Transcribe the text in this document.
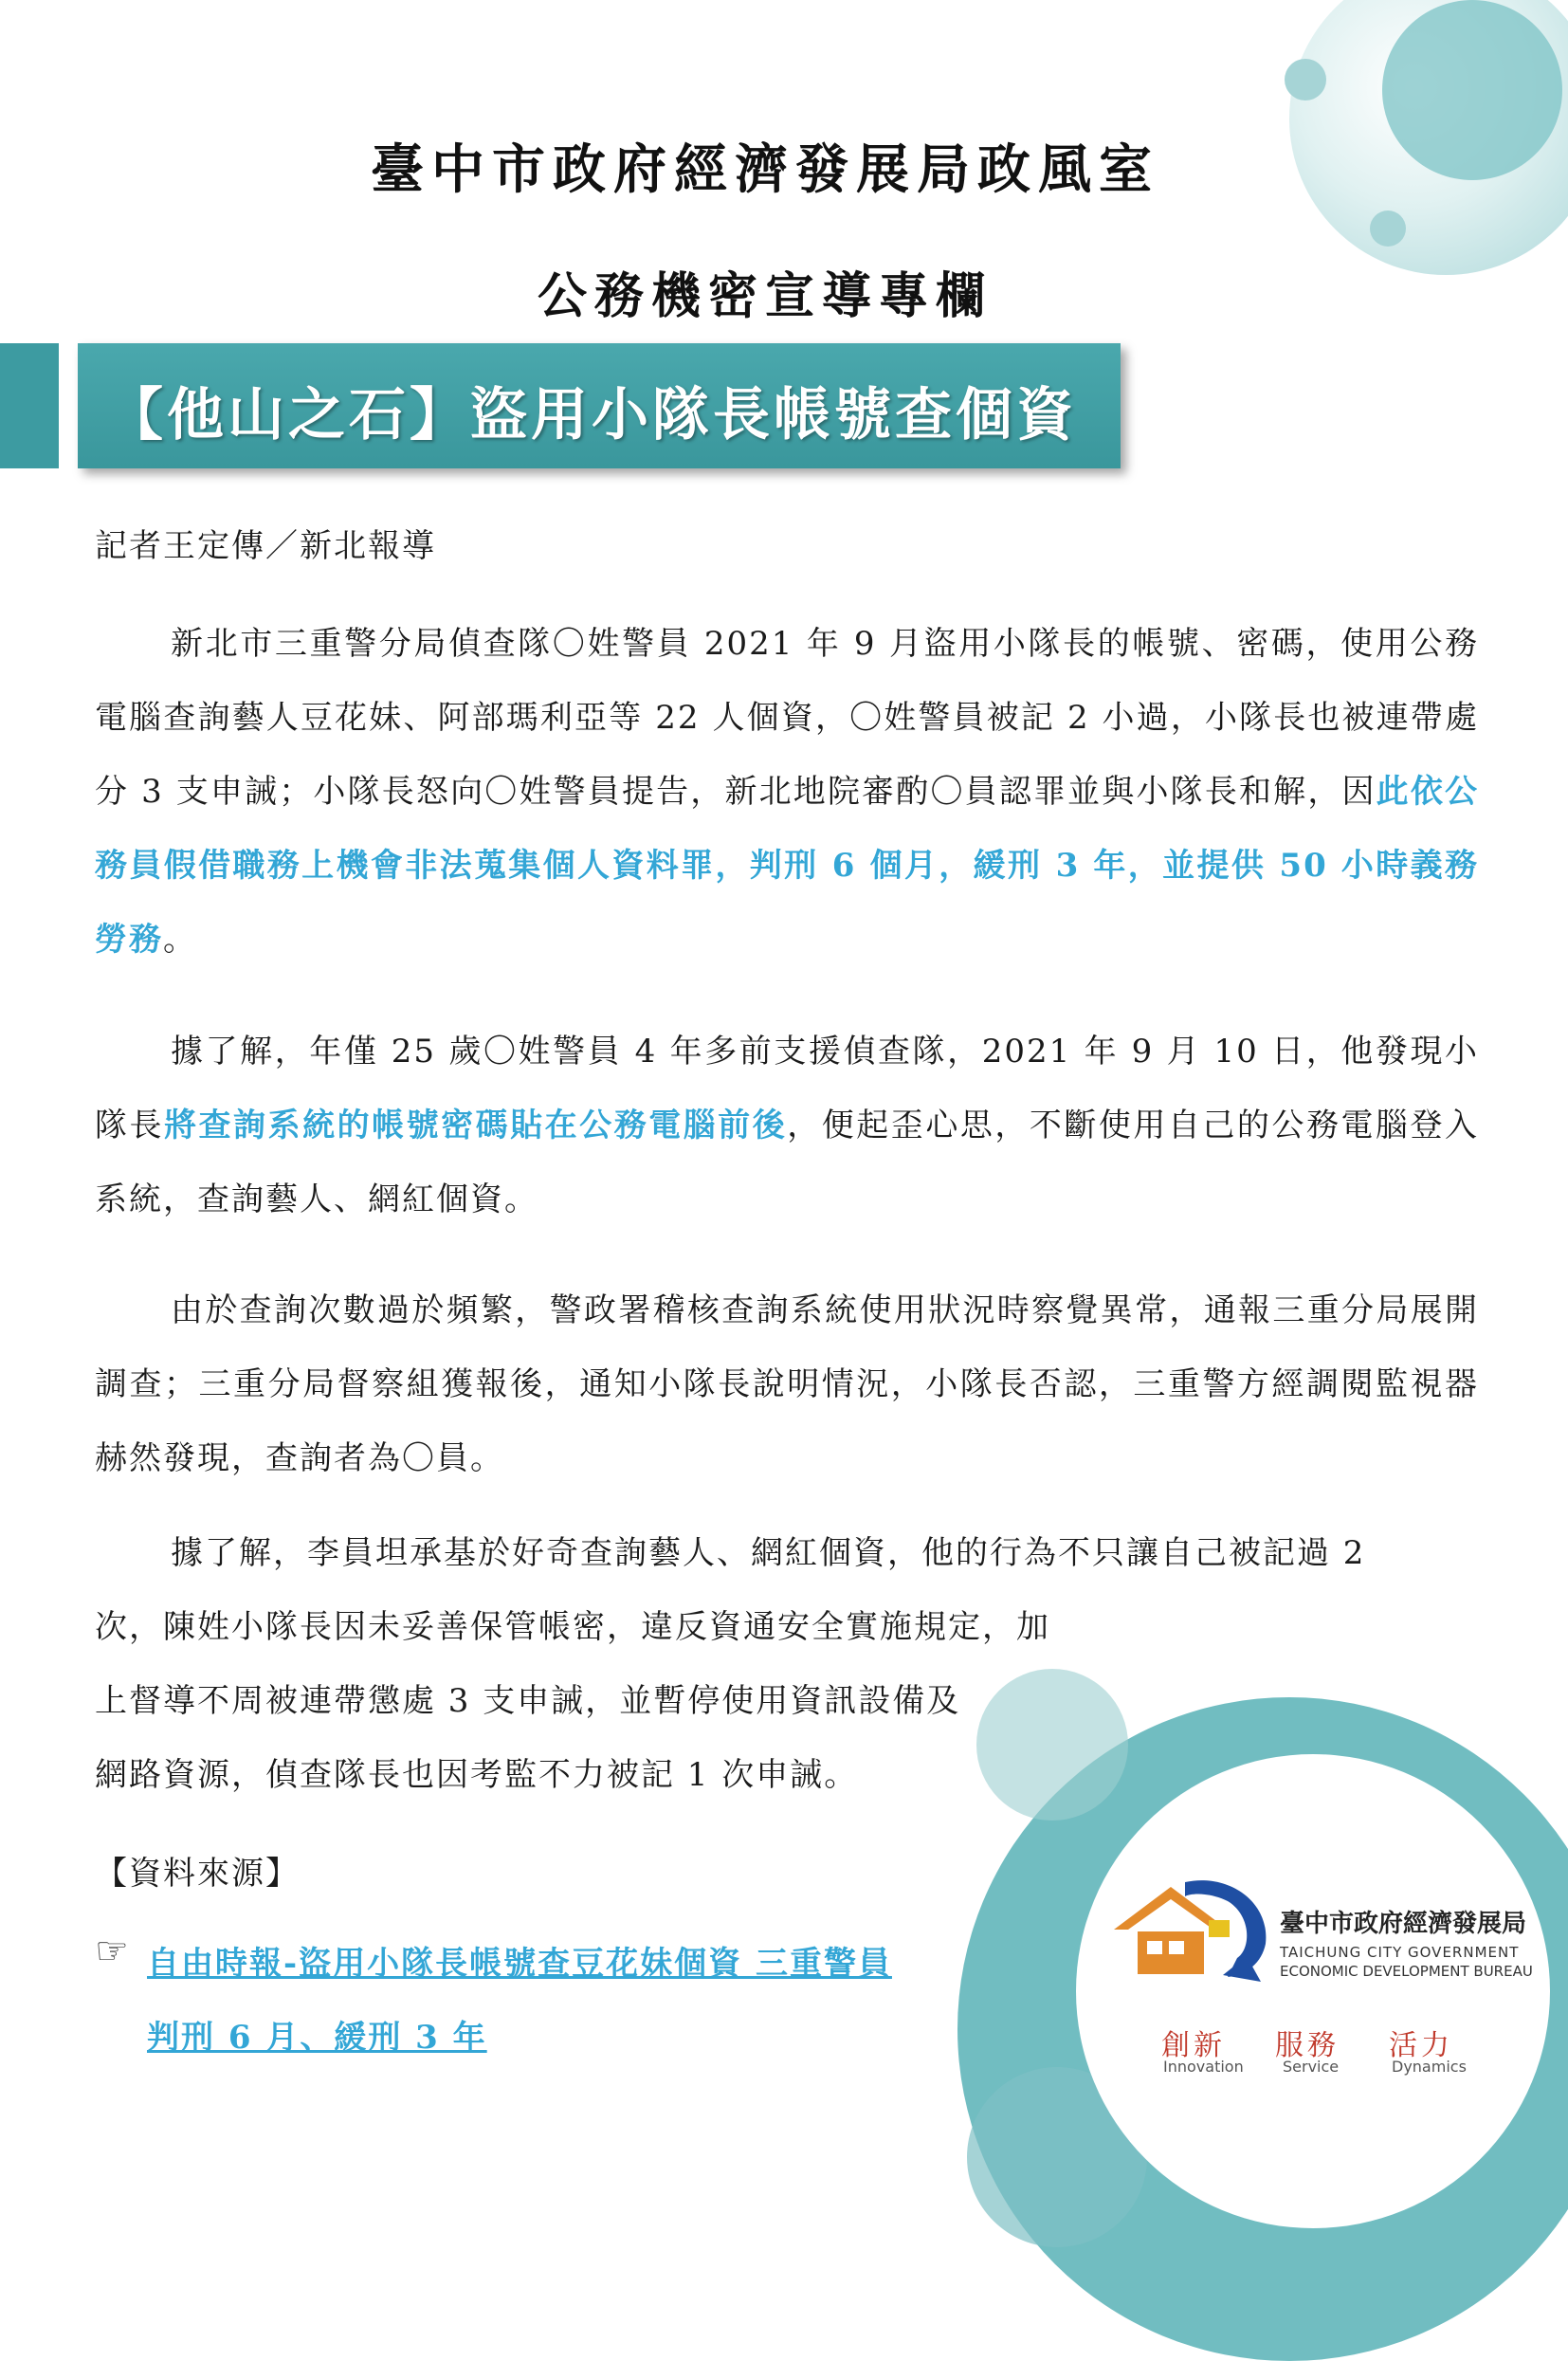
臺中市政府經濟發展局政風室
公務機密宣導專欄
【他山之石】盜用小隊長帳號查個資
記者王定傳／新北報導
新北市三重警分局偵查隊〇姓警員 2021 年 9 月盜用小隊長的帳號、密碼，使用公務電腦查詢藝人豆花妹、阿部瑪利亞等 22 人個資，〇姓警員被記 2 小過，小隊長也被連帶處分 3 支申誡；小隊長怒向〇姓警員提告，新北地院審酌〇員認罪並與小隊長和解，因此依公務員假借職務上機會非法蒐集個人資料罪，判刑 6 個月，緩刑 3 年，並提供 50 小時義務勞務。
據了解，年僅 25 歲〇姓警員 4 年多前支援偵查隊，2021 年 9 月 10 日，他發現小隊長將查詢系統的帳號密碼貼在公務電腦前後，便起歪心思，不斷使用自己的公務電腦登入系統，查詢藝人、網紅個資。
由於查詢次數過於頻繁，警政署稽核查詢系統使用狀況時察覺異常，通報三重分局展開調查；三重分局督察組獲報後，通知小隊長說明情況，小隊長否認，三重警方經調閱監視器赫然發現，查詢者為〇員。
據了解，李員坦承基於好奇查詢藝人、網紅個資，他的行為不只讓自己被記過 2
次，陳姓小隊長因未妥善保管帳密，違反資通安全實施規定，加
上督導不周被連帶懲處 3 支申誡，並暫停使用資訊設備及
網路資源，偵查隊長也因考監不力被記 1 次申誡。
【資料來源】
☞ 自由時報-盜用小隊長帳號查豆花妹個資 三重警員
判刑 6 月、緩刑 3 年
臺中市政府經濟發展局
TAICHUNG CITY GOVERNMENT
ECONOMIC DEVELOPMENT BUREAU
創新
Innovation
服務
Service
活力
Dynamics
